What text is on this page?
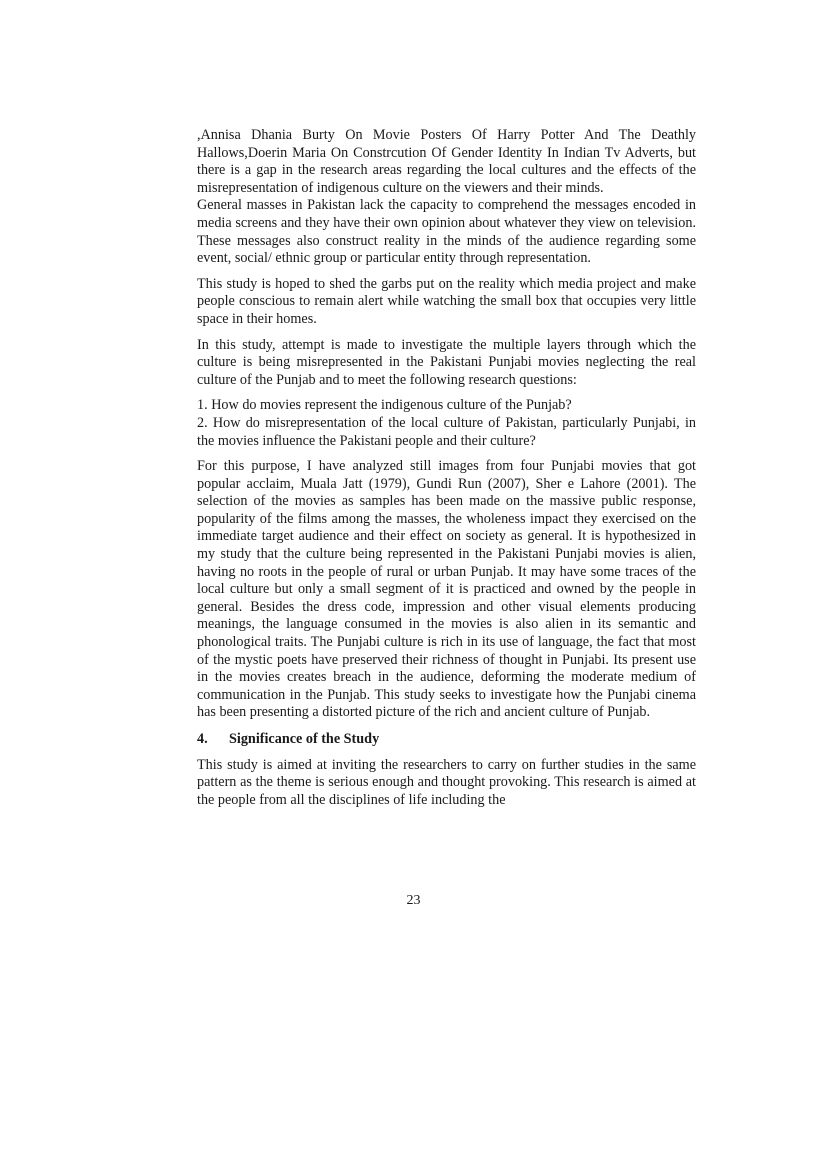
,Annisa Dhania Burty On Movie Posters Of Harry Potter And The Deathly Hallows,Doerin Maria On Constrcution Of Gender Identity In Indian Tv Adverts, but there is a gap in the research areas regarding the local cultures and the effects of the misrepresentation of indigenous culture on the viewers and their minds.

General masses in Pakistan lack the capacity to comprehend the messages encoded in media screens and they have their own opinion about whatever they view on television. These messages also construct reality in the minds of the audience regarding some event, social/ ethnic group or particular entity through representation.

This study is hoped to shed the garbs put on the reality which media project and make people conscious to remain alert while watching the small box that occupies very little space in their homes.

In this study, attempt is made to investigate the multiple layers through which the culture is being misrepresented in the Pakistani Punjabi movies neglecting the real culture of the Punjab and to meet the following research questions:

1. How do movies represent the indigenous culture of the Punjab?
2. How do misrepresentation of the local culture of Pakistan, particularly Punjabi, in the movies influence the Pakistani people and their culture?

For this purpose, I have analyzed still images from four Punjabi movies that got popular acclaim, Muala Jatt (1979), Gundi Run (2007), Sher e Lahore (2001). The selection of the movies as samples has been made on the massive public response, popularity of the films among the masses, the wholeness impact they exercised on the immediate target audience and their effect on society as general. It is hypothesized in my study that the culture being represented in the Pakistani Punjabi movies is alien, having no roots in the people of rural or urban Punjab. It may have some traces of the local culture but only a small segment of it is practiced and owned by the people in general. Besides the dress code, impression and other visual elements producing meanings, the language consumed in the movies is also alien in its semantic and phonological traits. The Punjabi culture is rich in its use of language, the fact that most of the mystic poets have preserved their richness of thought in Punjabi. Its present use in the movies creates breach in the audience, deforming the moderate medium of communication in the Punjab. This study seeks to investigate how the Punjabi cinema has been presenting a distorted picture of the rich and ancient culture of Punjab.

4. Significance of the Study

This study is aimed at inviting the researchers to carry on further studies in the same pattern as the theme is serious enough and thought provoking. This research is aimed at the people from all the disciplines of life including the

23
